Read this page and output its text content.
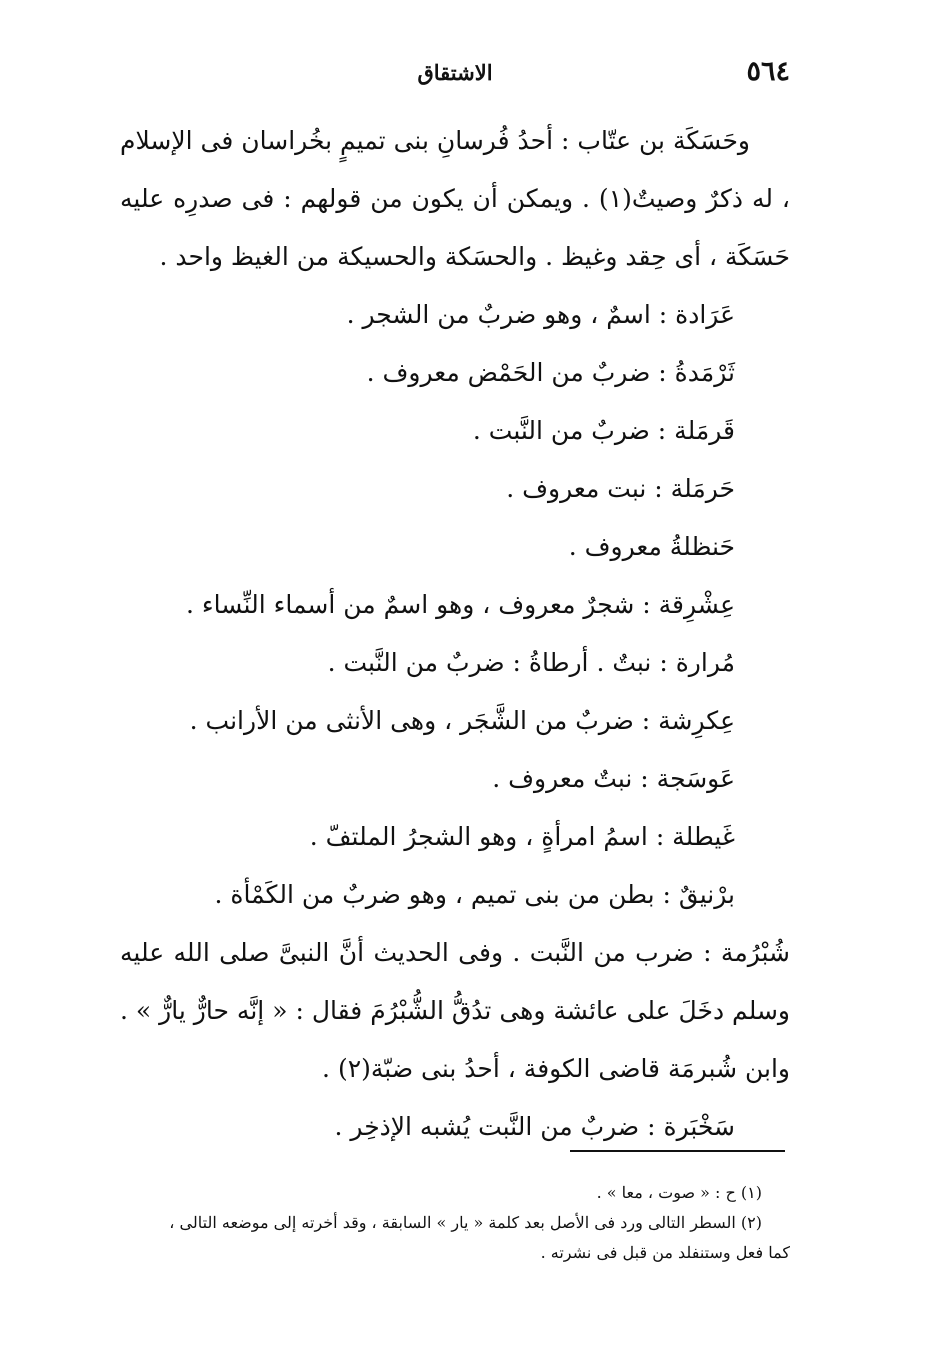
٥٦٤
الاشتقاق

وحَسَكَة بن عتّاب : أحدُ فُرسانِ بنى تميمٍ بخُراسان فى الإسلام ، له ذكرٌ وصيتٌ(١) . ويمكن أن يكون من قولهم : فى صدرِه عليه حَسَكَة ، أى حِقد وغيظ . والحسَكة والحسيكة من الغيظ واحد .

عَرَادة : اسمٌ ، وهو ضربٌ من الشجر .

ثَرْمَدةُ : ضربٌ من الحَمْض معروف .

قَرمَلة : ضربٌ من النَّبت .

حَرمَلة : نبت معروف .

حَنظلةُ معروف .

عِشْرِقة : شجرٌ معروف ، وهو اسمٌ من أسماء النِّساء .

مُرارة : نبتٌ . أرطاةُ : ضربٌ من النَّبت .

عِكرِشة : ضربٌ من الشَّجَر ، وهى الأنثى من الأرانب .

عَوسَجة : نبتٌ معروف .

غَيطلة : اسمُ امرأةٍ ، وهو الشجرُ الملتفّ .

برْنيقٌ : بطن من بنى تميم ، وهو ضربٌ من الكَمْأة .

شُبْرُمة : ضرب من النَّبت . وفى الحديث أنَّ النبىَّ صلى الله عليه وسلم دخَلَ على عائشة وهى تدُقُّ الشُّبْرُمَ فقال : « إنَّه حارٌّ يارٌّ » . وابن شُبرمَة قاضى الكوفة ، أحدُ بنى ضبّة(٢) .

سَخْبَرة : ضربٌ من النَّبت يُشبه الإذخِر .

(١) ح : « صوت ، معا » .

(٢) السطر التالى ورد فى الأصل بعد كلمة « يار » السابقة ، وقد أخرته إلى موضعه التالى ،

كما فعل وستنفلد من قبل فى نشرته .
